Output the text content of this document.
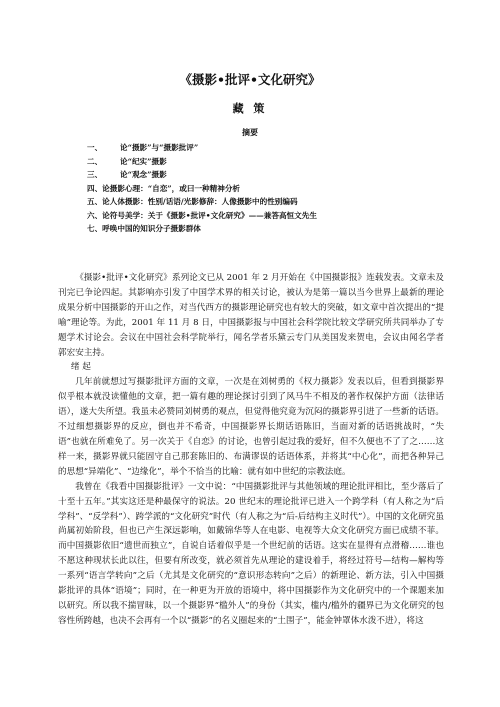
《摄影•批评•文化研究》
藏 策
摘要
一、 论“摄影”与“摄影批评”
二、 论“纪实”摄影
三、 论“观念”摄影
四、论摄影心理：“自恋”，或曰一种精神分析
五、论人体摄影：性别/话语/光影修辞：人像摄影中的性别编码
六、论符号美学：关于《摄影•批评•文化研究》——兼答高恒文先生
七、呼唤中国的知识分子摄影群体

《摄影•批评•文化研究》系列论文已从 2001 年 2 月开始在《中国摄影报》连载发表。文章未及刊完已争论四起。其影响亦引发了中国学术界的相关讨论，被认为是第一篇以当今世界上最新的理论成果分析中国摄影的开山之作，对当代西方的摄影理论研究也有较大的突破，如文章中首次提出的“提喻”理论等。为此，2001 年 11 月 8 日，中国摄影报与中国社会科学院比较文学研究所共同举办了专题学术讨论会。会议在中国社会科学院举行，闻名学者乐黛云专门从美国发来贺电，会议由闻名学者郭宏安主持。

绪 起

几年前就想过写摄影批评方面的文章，一次是在刘树勇的《权力摄影》发表以后，但看到摄影界似乎根本就没读懂他的文章，把一篇有趣的理论探讨引到了风马牛不相及的著作权保护方面（法律话语），遂大失所望。我虽未必赞同刘树勇的观点，但觉得他究竟为沉闷的摄影界引进了一些新的话语。不过细想摄影界的反应，倒也并不希奇，中国摄影界长期话语陈旧，当面对新的话语挑战时，“失语”也就在所难免了。另一次关于《自恋》的讨论，也曾引起过我的爱好，但不久便也不了了之……这样一来，摄影界就只能固守自己那套陈旧的、布满谬误的话语体系，并将其“中心化”，而把各种异己的思想“异端化”、“边缘化”，举个不恰当的比喻：就有如中世纪的宗教法庭。

我曾在《我看中国摄影批评》一文中说：“中国摄影批评与其他领域的理论批评相比，至少落后了十至十五年。”其实这还是种最保守的说法。20 世纪末的理论批评已进入一个跨学科（有人称之为“后学科”、“反学科”）、跨学派的“文化研究”时代（有人称之为“后-后结构主义时代”）。中国的文化研究虽尚属初始阶段，但也已产生深远影响，如戴锦华等人在电影、电视等大众文化研究方面已成绩不菲。而中国摄影依旧“遗世而独立”，自说自话着似乎是一个世纪前的话语。这实在显得有点滑稽……谁也不愿这种现状长此以往，但要有所改变，就必须首先从理论的建设着手，将经过符号—结构—解构等一系列“语言学转向”之后（尤其是文化研究的“意识形态转向”之后）的新理论、新方法，引入中国摄影批评的具体“语境”；同时，在一种更为开放的语境中，将中国摄影作为文化研究中的一个课题来加以研究。所以我不揣冒昧，以一个摄影界“槛外人”的身份（其实，槛内/槛外的疆界已为文化研究的包容性所跨越，也决不会再有一个以“摄影”的名义圈起来的“土围子”，能金钟罩体水泼不进），将这
